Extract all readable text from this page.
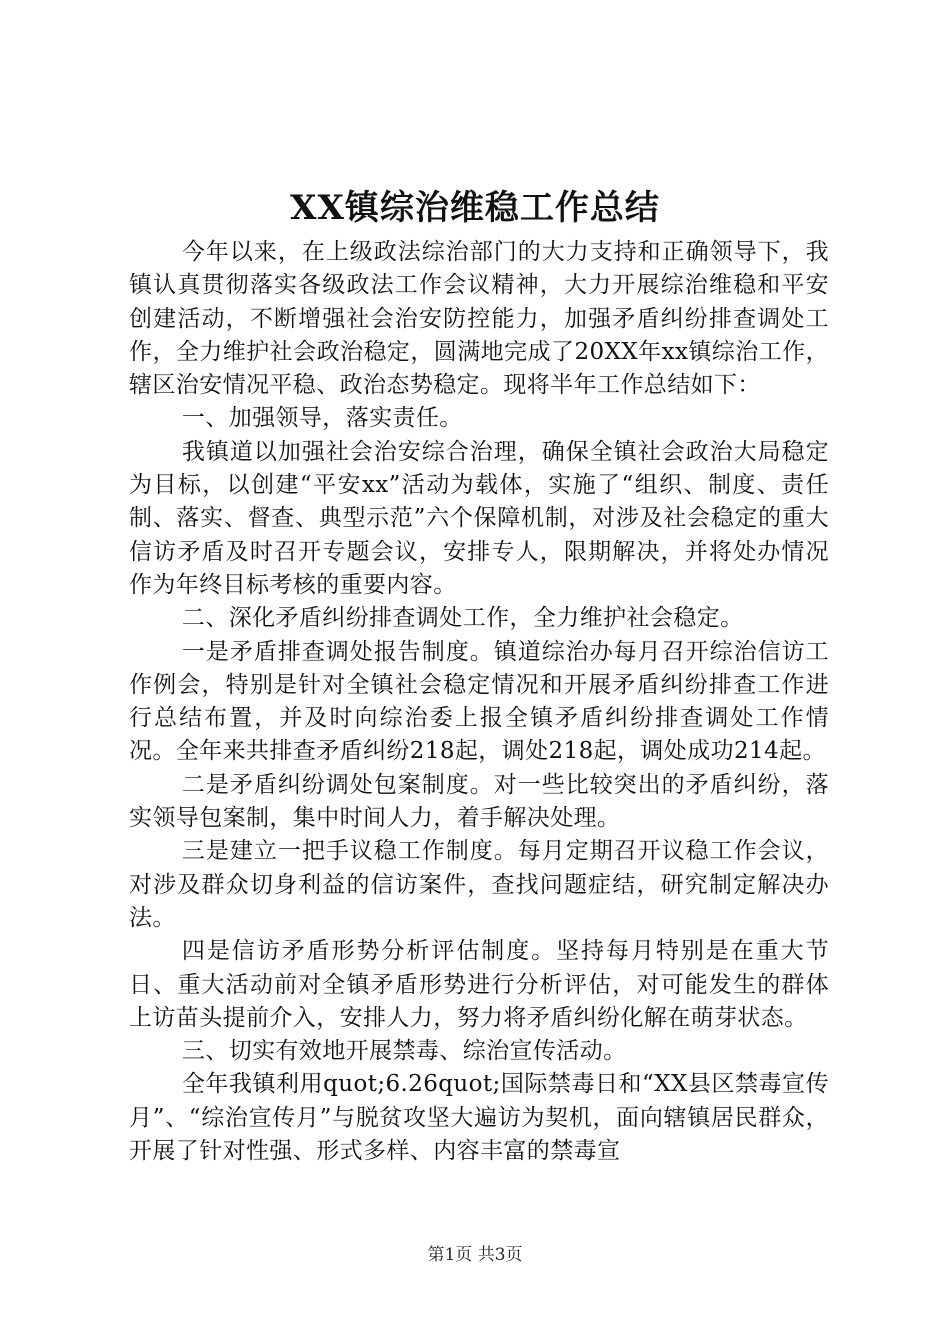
XX镇综治维稳工作总结

今年以来，在上级政法综治部门的大力支持和正确领导下，我镇认真贯彻落实各级政法工作会议精神，大力开展综治维稳和平安创建活动，不断增强社会治安防控能力，加强矛盾纠纷排查调处工作，全力维护社会政治稳定，圆满地完成了20XX年xx镇综治工作，辖区治安情况平稳、政治态势稳定。现将半年工作总结如下：

一、加强领导，落实责任。

我镇道以加强社会治安综合治理，确保全镇社会政治大局稳定为目标，以创建“平安xx”活动为载体，实施了“组织、制度、责任制、落实、督查、典型示范”六个保障机制，对涉及社会稳定的重大信访矛盾及时召开专题会议，安排专人，限期解决，并将处办情况作为年终目标考核的重要内容。

二、深化矛盾纠纷排查调处工作，全力维护社会稳定。

一是矛盾排查调处报告制度。镇道综治办每月召开综治信访工作例会，特别是针对全镇社会稳定情况和开展矛盾纠纷排查工作进行总结布置，并及时向综治委上报全镇矛盾纠纷排查调处工作情况。全年来共排查矛盾纠纷218起，调处218起，调处成功214起。

二是矛盾纠纷调处包案制度。对一些比较突出的矛盾纠纷，落实领导包案制，集中时间人力，着手解决处理。

三是建立一把手议稳工作制度。每月定期召开议稳工作会议，对涉及群众切身利益的信访案件，查找问题症结，研究制定解决办法。

四是信访矛盾形势分析评估制度。坚持每月特别是在重大节日、重大活动前对全镇矛盾形势进行分析评估，对可能发生的群体上访苗头提前介入，安排人力，努力将矛盾纠纷化解在萌芽状态。

三、切实有效地开展禁毒、综治宣传活动。

全年我镇利用quot;6.26quot;国际禁毒日和“XX县区禁毒宣传月”、“综治宣传月”与脱贫攻坚大遍访为契机，面向辖镇居民群众，开展了针对性强、形式多样、内容丰富的禁毒宣

第1页 共3页
